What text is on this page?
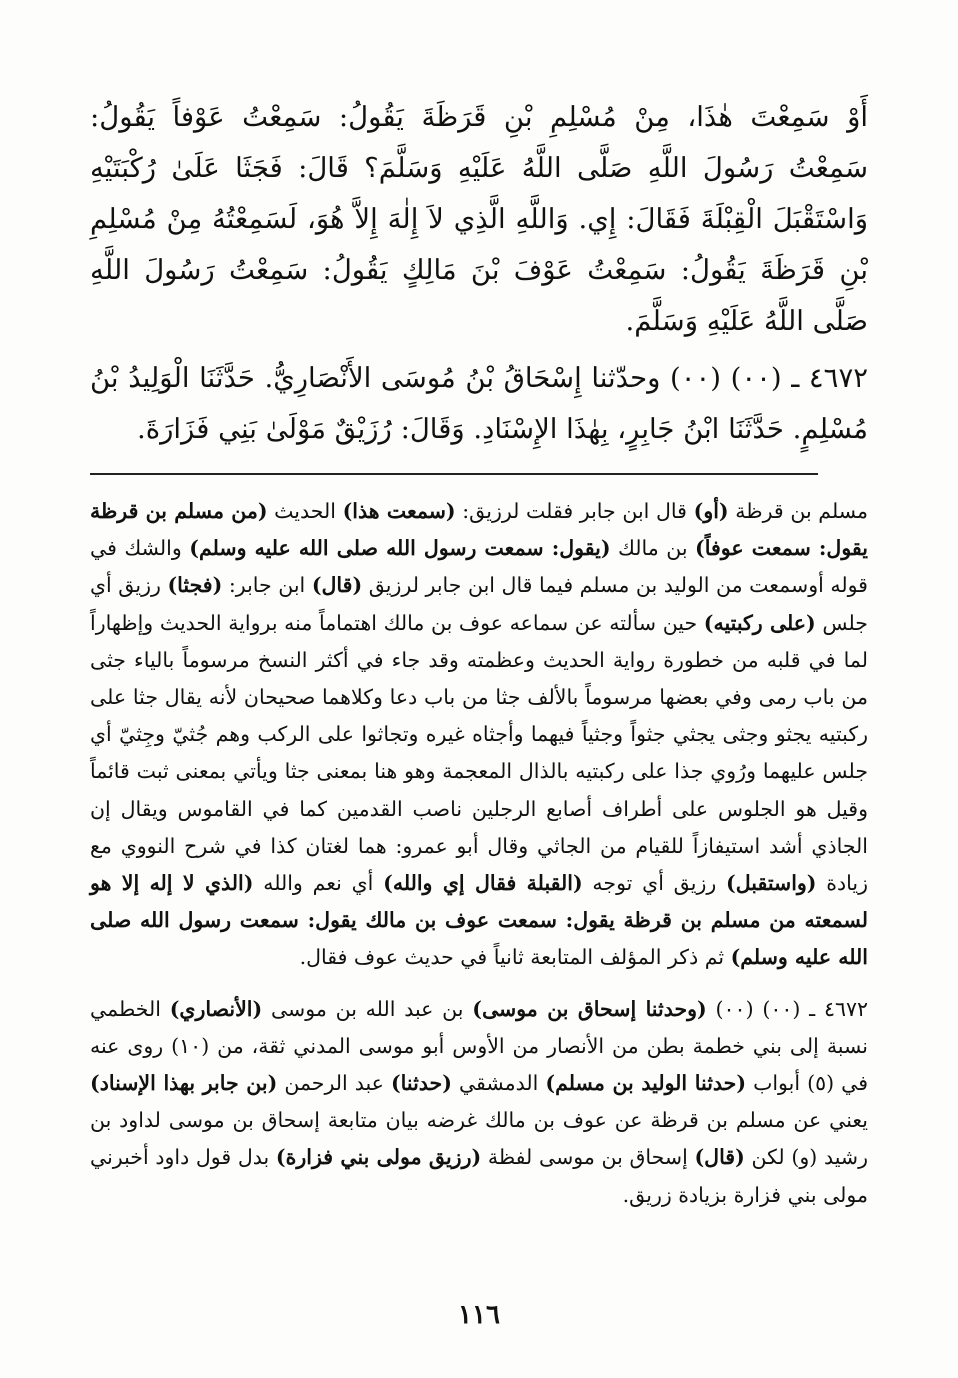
أَوْ سَمِعْتَ هٰذَا، مِنْ مُسْلِمِ بْنِ قَرَظَةَ يَقُولُ: سَمِعْتُ عَوْفاً يَقُولُ: سَمِعْتُ رَسُولَ اللَّهِ صَلَّى اللَّهُ عَلَيْهِ وَسَلَّمَ؟ قَالَ: فَجَثَا عَلَىٰ رُكْبَتَيْهِ وَاسْتَقْبَلَ الْقِبْلَةَ فَقَالَ: إِي. وَاللَّهِ الَّذِي لاَ إِلٰهَ إِلاَّ هُوَ، لَسَمِعْتُهُ مِنْ مُسْلِمِ بْنِ قَرَظَةَ يَقُولُ: سَمِعْتُ عَوْفَ بْنَ مَالِكٍ يَقُولُ: سَمِعْتُ رَسُولَ اللَّهِ صَلَّى اللَّهُ عَلَيْهِ وَسَلَّمَ.

٤٦٧٢ ـ (٠٠) (٠٠) وحدّثنا إِسْحَاقُ بْنُ مُوسَى الأَنْصَارِيُّ. حَدَّثَنَا الْوَلِيدُ بْنُ مُسْلِمٍ. حَدَّثَنَا ابْنُ جَابِرٍ، بِهٰذَا الإِسْنَادِ. وَقَالَ: رُزَيْقٌ مَوْلَىٰ بَنِي فَزَارَةَ.

مسلم بن قرظة (أو) قال ابن جابر فقلت لرزيق: (سمعت هذا) الحديث (من مسلم بن قرظة يقول: سمعت عوفاً) بن مالك (يقول: سمعت رسول الله صلى الله عليه وسلم) والشك في قوله أوسمعت من الوليد بن مسلم فيما قال ابن جابر لرزيق (قال) ابن جابر: (فجثا) رزيق أي جلس (على ركبتيه) حين سألته عن سماعه عوف بن مالك اهتماماً منه برواية الحديث وإظهاراً لما في قلبه من خطورة رواية الحديث وعظمته وقد جاء في أكثر النسخ مرسوماً بالياء جثى من باب رمى وفي بعضها مرسوماً بالألف جثا من باب دعا وكلاهما صحيحان لأنه يقال جثا على ركبتيه يجثو وجثى يجثي جثواً وجثياً فيهما وأجثاه غيره وتجاثوا على الركب وهم جُثيّ وجِثيّ أي جلس عليهما ورُوي جذا على ركبتيه بالذال المعجمة وهو هنا بمعنى جثا ويأتي بمعنى ثبت قائماً وقيل هو الجلوس على أطراف أصابع الرجلين ناصب القدمين كما في القاموس ويقال إن الجاذي أشد استيفازاً للقيام من الجاثي وقال أبو عمرو: هما لغتان كذا في شرح النووي مع زيادة (واستقبل) رزيق أي توجه (القبلة فقال إي والله) أي نعم والله (الذي لا إله إلا هو لسمعته من مسلم بن قرظة يقول: سمعت عوف بن مالك يقول: سمعت رسول الله صلى الله عليه وسلم) ثم ذكر المؤلف المتابعة ثانياً في حديث عوف فقال.

٤٦٧٢ ـ (٠٠) (٠٠) (وحدثنا إسحاق بن موسى) بن عبد الله بن موسى (الأنصاري) الخطمي نسبة إلى بني خطمة بطن من الأنصار من الأوس أبو موسى المدني ثقة، من (١٠) روى عنه في (٥) أبواب (حدثنا الوليد بن مسلم) الدمشقي (حدثنا) عبد الرحمن (بن جابر بهذا الإسناد) يعني عن مسلم بن قرظة عن عوف بن مالك غرضه بيان متابعة إسحاق بن موسى لداود بن رشيد (و) لكن (قال) إسحاق بن موسى لفظة (رزيق مولى بني فزارة) بدل قول داود أخبرني مولى بني فزارة بزيادة زريق.

١١٦
